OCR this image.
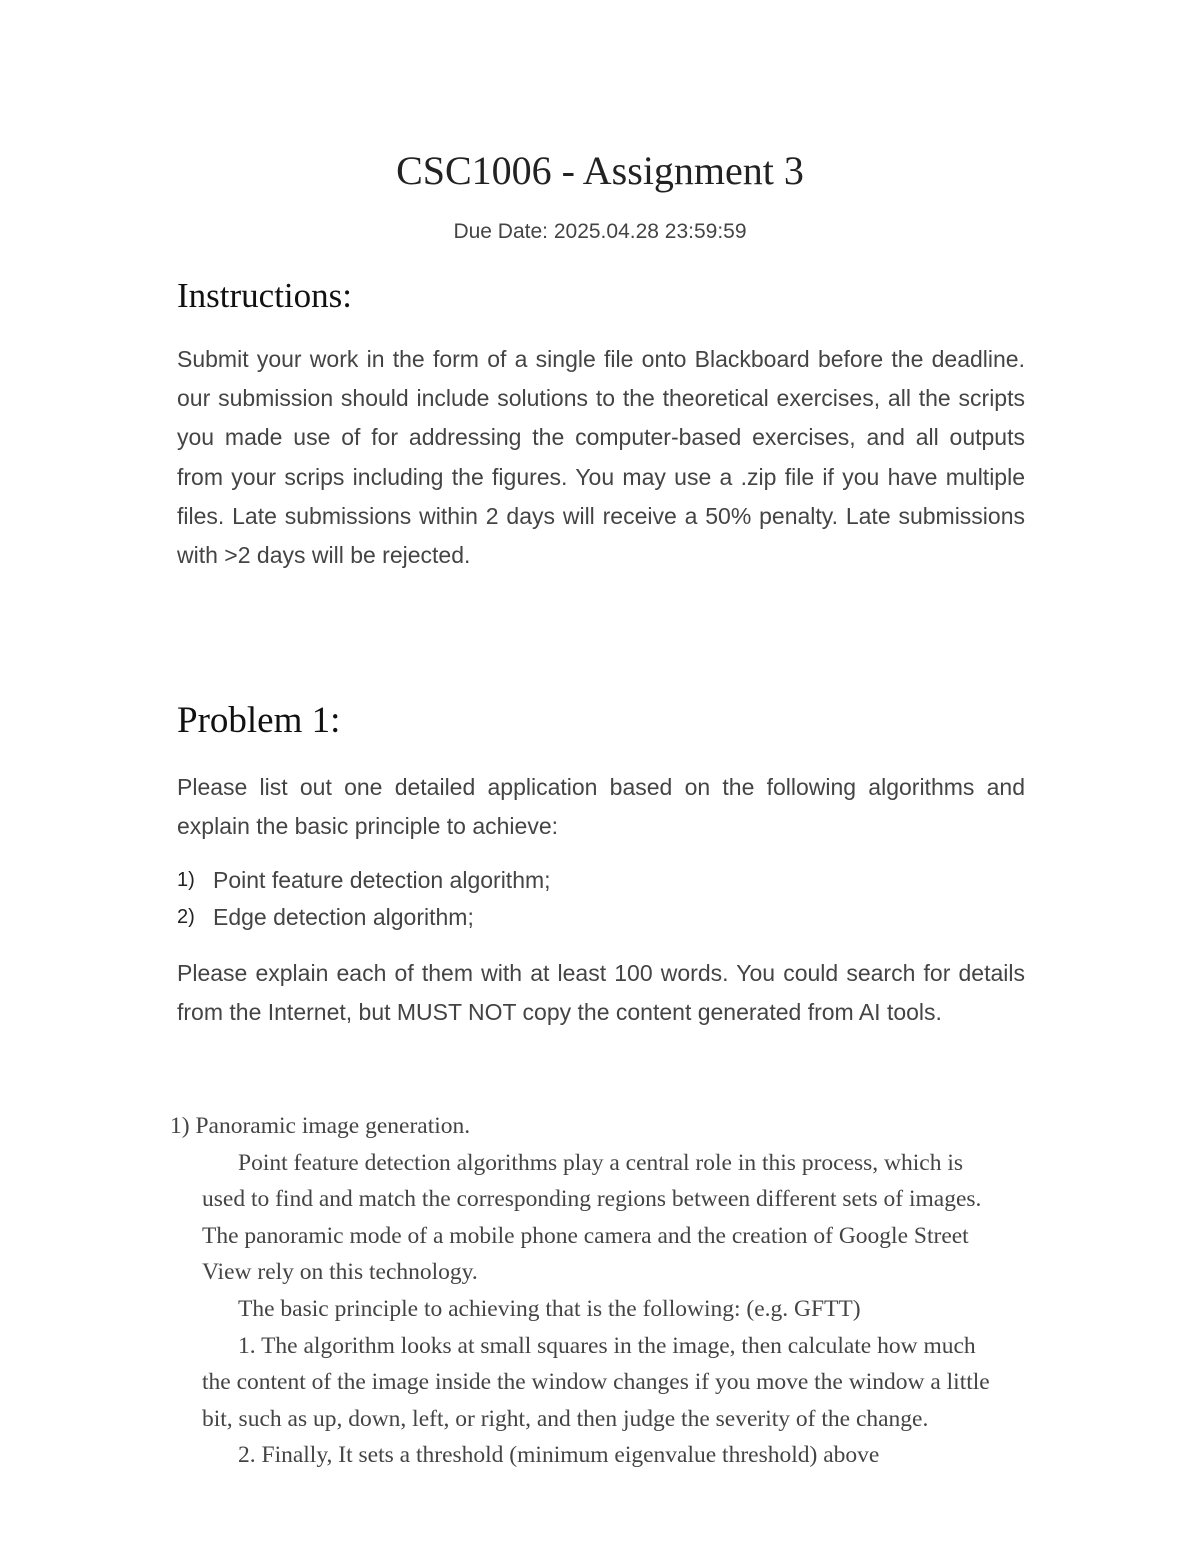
CSC1006 - Assignment 3
Due Date: 2025.04.28 23:59:59
Instructions:

Submit your work in the form of a single file onto Blackboard before the deadline. our submission should include solutions to the theoretical exercises, all the scripts you made use of for addressing the computer-based exercises, and all outputs from your scrips including the figures. You may use a .zip file if you have multiple files. Late submissions within 2 days will receive a 50% penalty. Late submissions with >2 days will be rejected.

Problem 1:

Please list out one detailed application based on the following algorithms and explain the basic principle to achieve:

1) Point feature detection algorithm;
2) Edge detection algorithm;

Please explain each of them with at least 100 words. You could search for details from the Internet, but MUST NOT copy the content generated from AI tools.

1) Panoramic image generation.
Point feature detection algorithms play a central role in this process, which is used to find and match the corresponding regions between different sets of images. The panoramic mode of a mobile phone camera and the creation of Google Street View rely on this technology.
The basic principle to achieving that is the following: (e.g. GFTT)
1. The algorithm looks at small squares in the image, then calculate how much the content of the image inside the window changes if you move the window a little bit, such as up, down, left, or right, and then judge the severity of the change.
2. Finally, It sets a threshold (minimum eigenvalue threshold) above
